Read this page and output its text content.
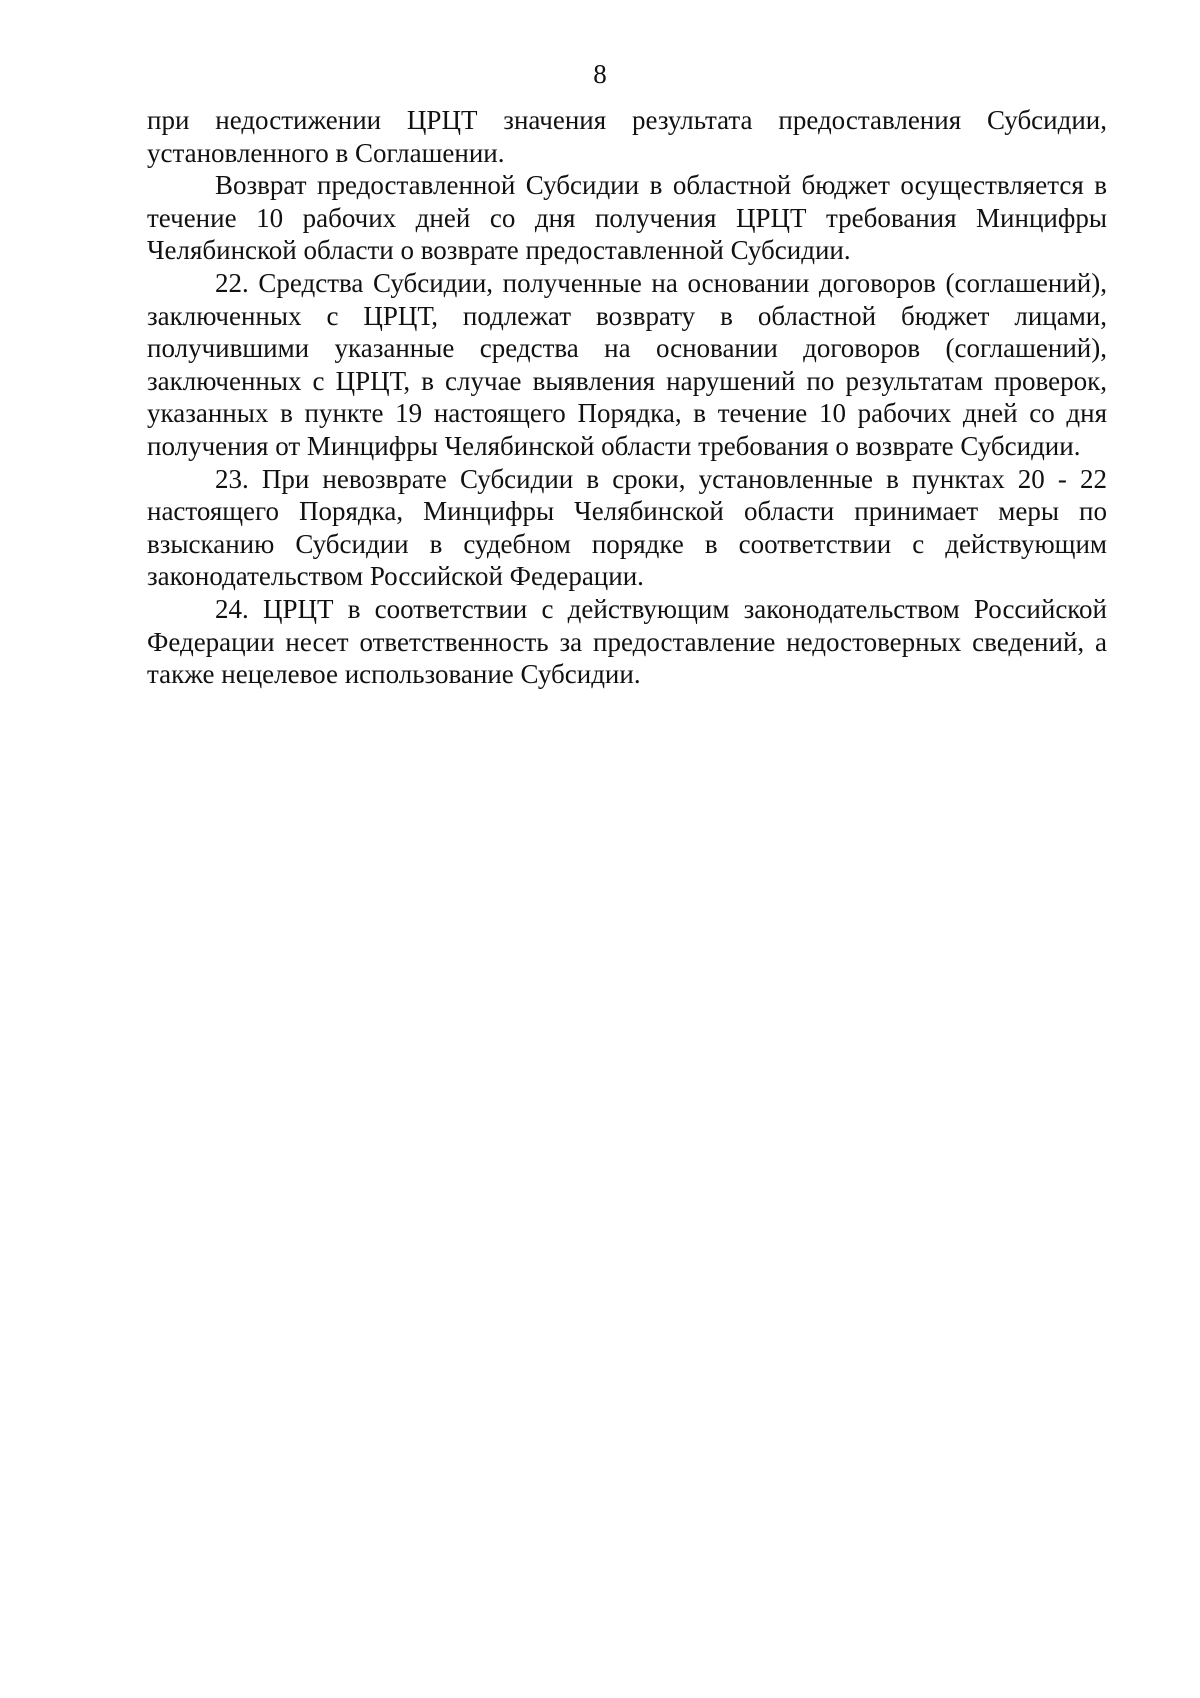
8

при недостижении ЦРЦТ значения результата предоставления Субсидии, установленного в Соглашении.

Возврат предоставленной Субсидии в областной бюджет осуществляется в течение 10 рабочих дней со дня получения ЦРЦТ требования Минцифры Челябинской области о возврате предоставленной Субсидии.

22. Средства Субсидии, полученные на основании договоров (соглашений), заключенных с ЦРЦТ, подлежат возврату в областной бюджет лицами, получившими указанные средства на основании договоров (соглашений), заключенных с ЦРЦТ, в случае выявления нарушений по результатам проверок, указанных в пункте 19 настоящего Порядка, в течение 10 рабочих дней со дня получения от Минцифры Челябинской области требования о возврате Субсидии.

23. При невозврате Субсидии в сроки, установленные в пунктах 20 - 22 настоящего Порядка, Минцифры Челябинской области принимает меры по взысканию Субсидии в судебном порядке в соответствии с действующим законодательством Российской Федерации.

24. ЦРЦТ в соответствии с действующим законодательством Российской Федерации несет ответственность за предоставление недостоверных сведений, а также нецелевое использование Субсидии.
